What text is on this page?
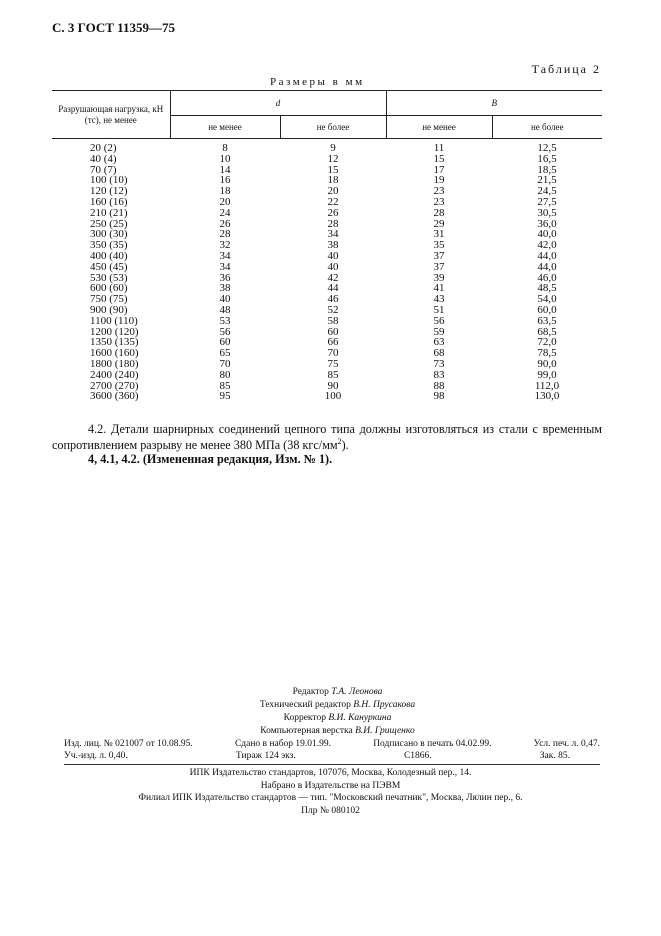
С. 3 ГОСТ 11359—75
Таблица 2
Размеры в мм
Разрушающая нагрузка, кН (тс), не менее	d		B	
	не менее	не более	не менее	не более
20 (2)	8	9	11	12,5
40 (4)	10	12	15	16,5
70 (7)	14	15	17	18,5
100 (10)	16	18	19	21,5
120 (12)	18	20	23	24,5
160 (16)	20	22	23	27,5
210 (21)	24	26	28	30,5
250 (25)	26	28	29	36,0
300 (30)	28	34	31	40,0
350 (35)	32	38	35	42,0
400 (40)	34	40	37	44,0
450 (45)	34	40	37	44,0
530 (53)	36	42	39	46,0
600 (60)	38	44	41	48,5
750 (75)	40	46	43	54,0
900 (90)	48	52	51	60,0
1100 (110)	53	58	56	63,5
1200 (120)	56	60	59	68,5
1350 (135)	60	66	63	72,0
1600 (160)	65	70	68	78,5
1800 (180)	70	75	73	90,0
2400 (240)	80	85	83	99,0
2700 (270)	85	90	88	112,0
3600 (360)	95	100	98	130,0
4.2. Детали шарнирных соединений цепного типа должны изготовляться из стали с временным сопротивлением разрыву не менее 380 МПа (38 кгс/$мм^2$).
4, 4.1, 4.2. (Измененная редакция, Изм. № 1).
Редактор Т.А. Леонова
Технический редактор В.Н. Прусакова
Корректор В.И. Кануркина
Компьютерная верстка В.И. Грищенко
Изд. лиц. № 021007 от 10.08.95.	Сдано в набор 19.01.99.	Подписано в печать 04.02.99.	Усл. печ. л. 0,47.
Уч.-изд. л. 0,40.	Тираж 124 экз.	С1866.	Зак. 85.
ИПК Издательство стандартов, 107076, Москва, Колодезный пер., 14.
Набрано в Издательстве на ПЭВМ
Филиал ИПК Издательство стандартов — тип. "Московский печатник", Москва, Лялин пер., 6.
Плр № 080102
